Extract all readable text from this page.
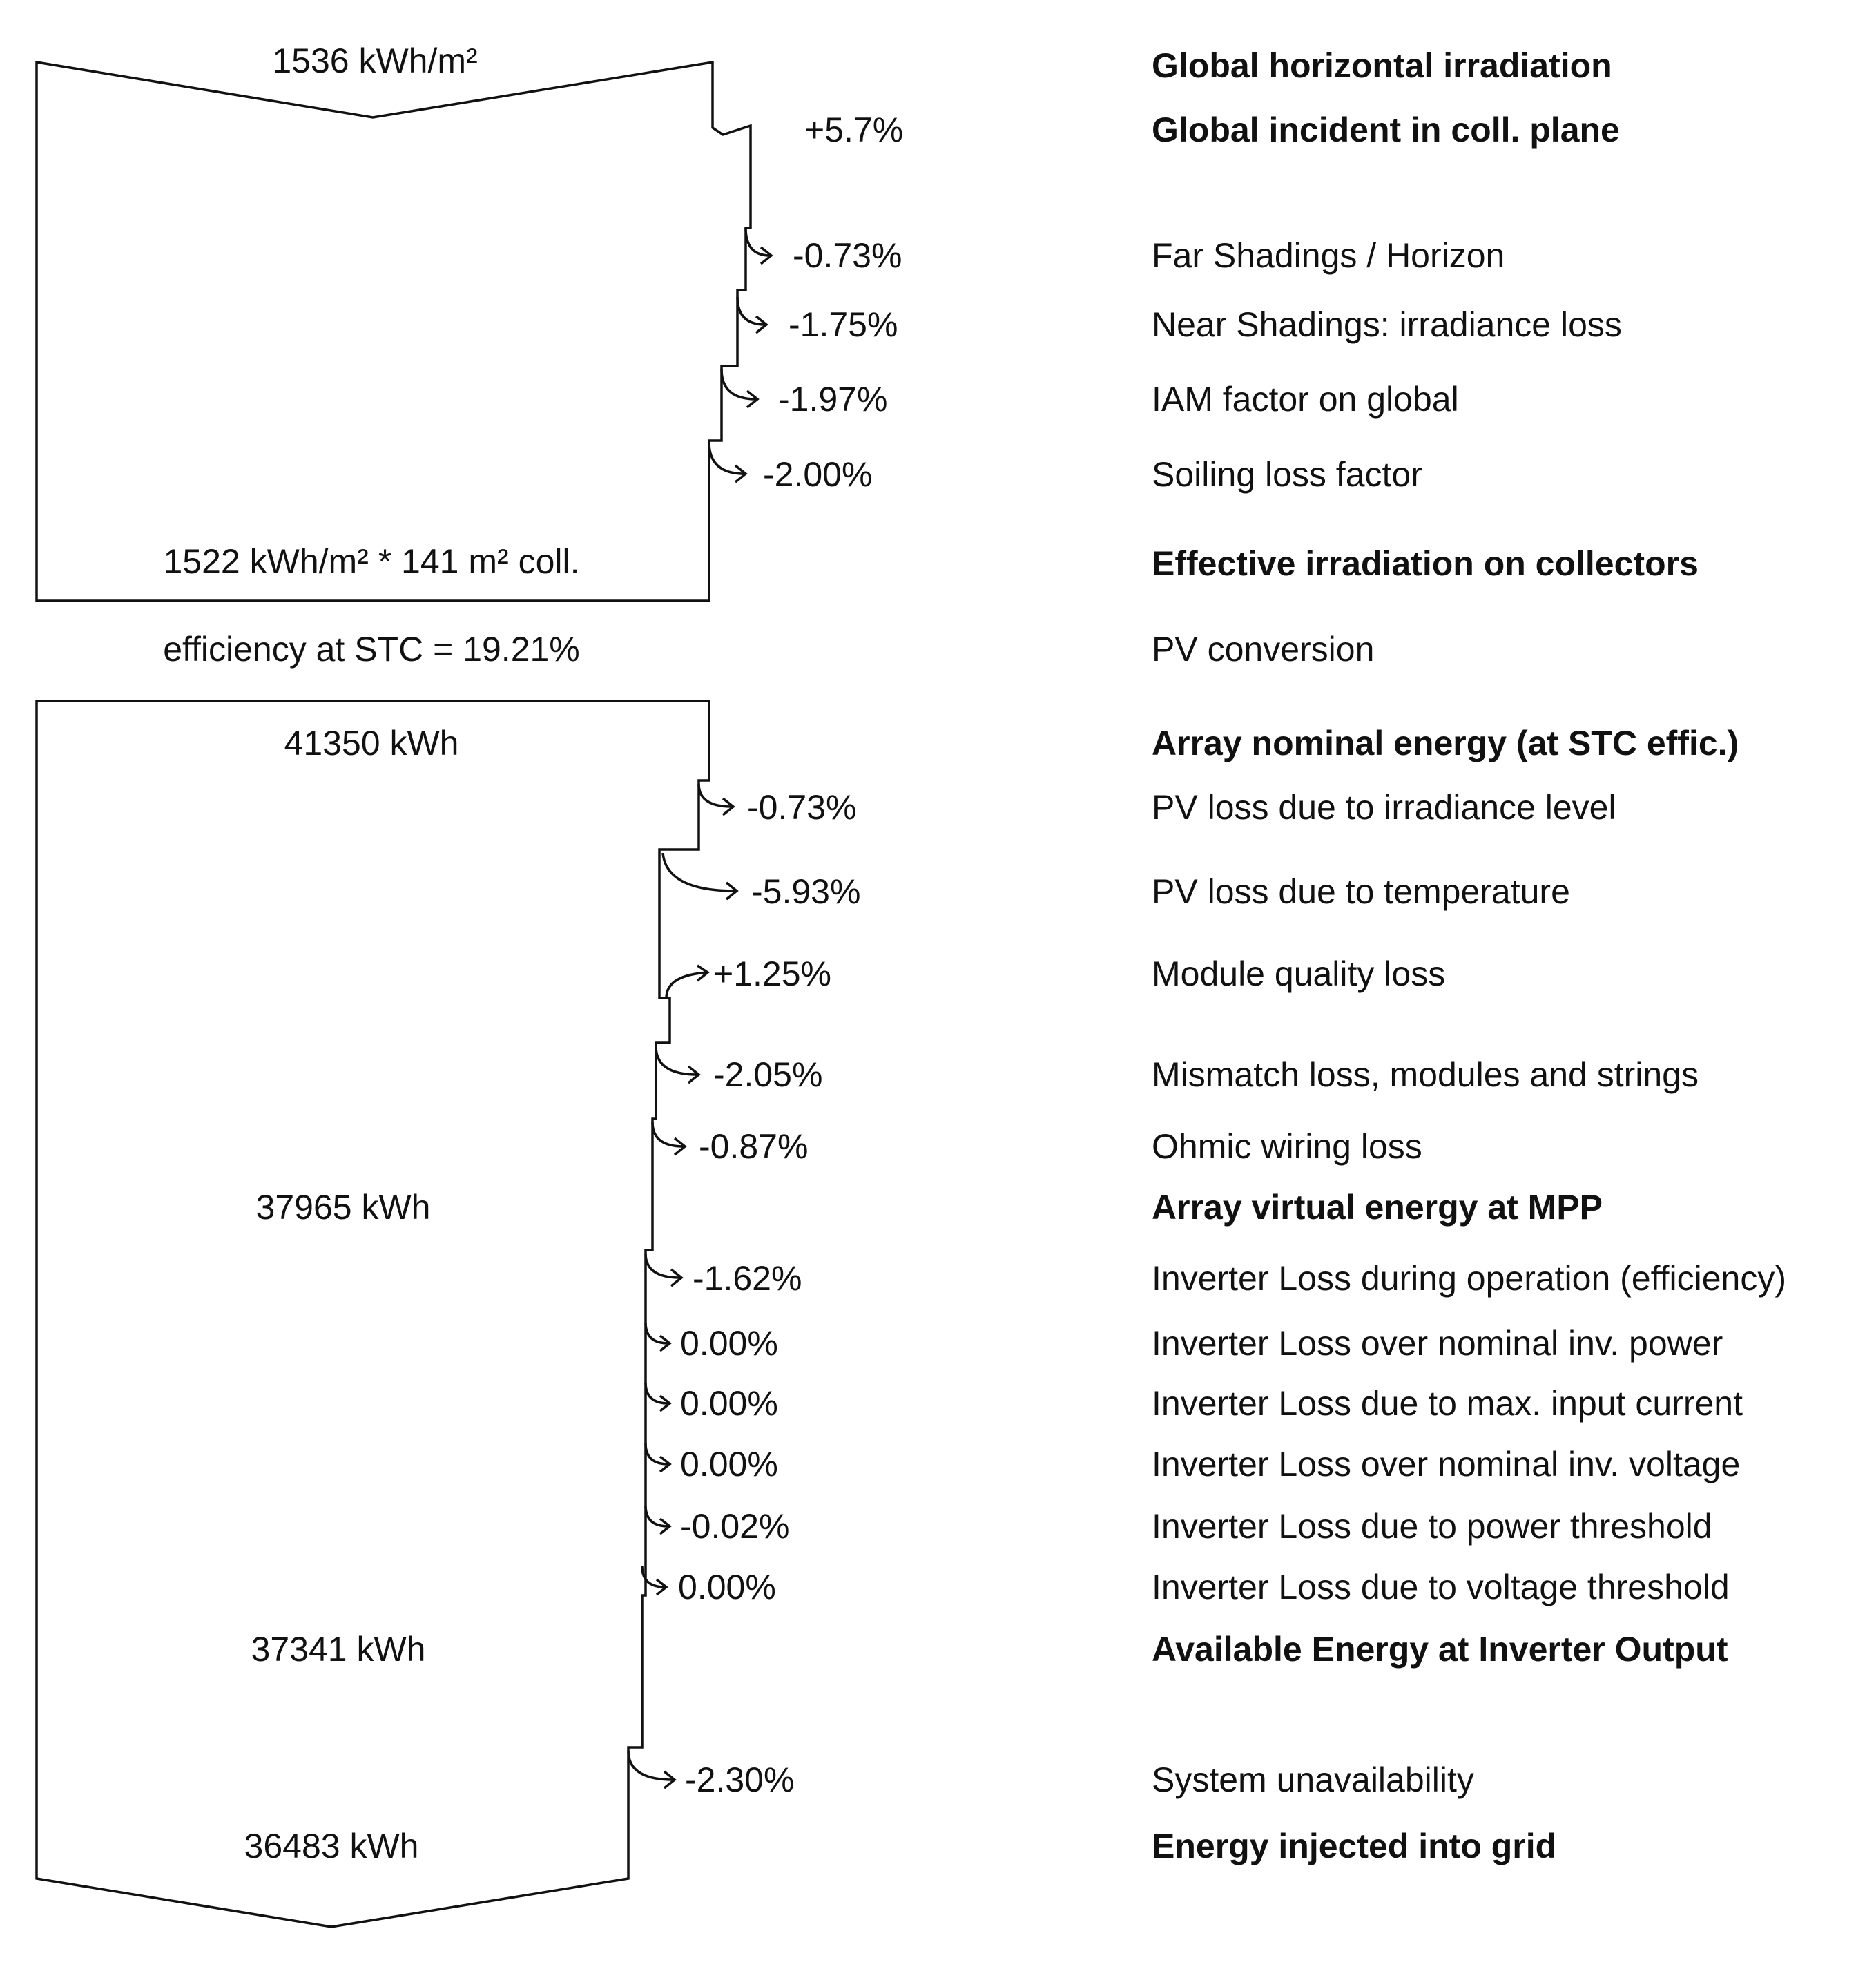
1536 kWh/m²
1522 kWh/m² * 141 m² coll.
efficiency at STC = 19.21%
41350 kWh
37965 kWh
37341 kWh
36483 kWh
+5.7%
-0.73%
-1.75%
-1.97%
-2.00%
-0.73%
-5.93%
+1.25%
-2.05%
-0.87%
-1.62%
0.00%
0.00%
0.00%
-0.02%
0.00%
-2.30%
Global horizontal irradiation
Global incident in coll. plane
Far Shadings / Horizon
Near Shadings: irradiance loss
IAM factor on global
Soiling loss factor
Effective irradiation on collectors
PV conversion
Array nominal energy (at STC effic.)
PV loss due to irradiance level
PV loss due to temperature
Module quality loss
Mismatch loss, modules and strings
Ohmic wiring loss
Array virtual energy at MPP
Inverter Loss during operation (efficiency)
Inverter Loss over nominal inv. power
Inverter Loss due to max. input current
Inverter Loss over nominal inv. voltage
Inverter Loss due to power threshold
Inverter Loss due to voltage threshold
Available Energy at Inverter Output
System unavailability
Energy injected into grid
